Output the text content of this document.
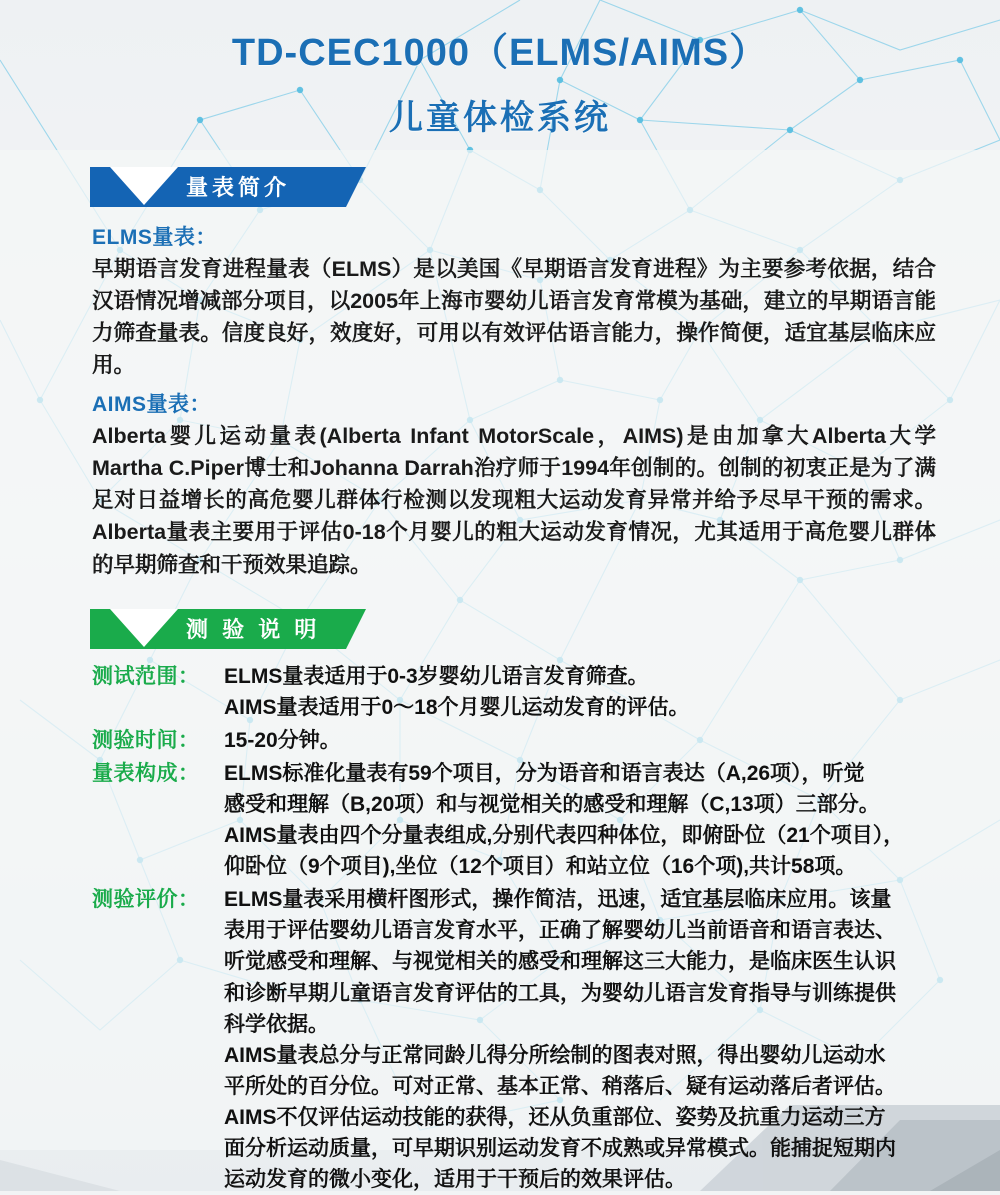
TD-CEC1000（ELMS/AIMS）
儿童体检系统
量表简介
ELMS量表：

早期语言发育进程量表（ELMS）是以美国《早期语言发育进程》为主要参考依据，结合汉语情况增减部分项目，以2005年上海市婴幼儿语言发育常模为基础，建立的早期语言能力筛查量表。信度良好，效度好，可用以有效评估语言能力，操作简便，适宜基层临床应用。

AIMS量表：

Alberta婴儿运动量表(Alberta Infant MotorScale，AIMS)是由加拿大Alberta大学Martha C.Piper博士和Johanna Darrah治疗师于1994年创制的。创制的初衷正是为了满足对日益增长的高危婴儿群体行检测以发现粗大运动发育异常并给予尽早干预的需求。Alberta量表主要用于评估0-18个月婴儿的粗大运动发育情况，尤其适用于高危婴儿群体的早期筛查和干预效果追踪。

测 验 说 明
测试范围：	ELMS量表适用于0-3岁婴幼儿语言发育筛查。
AIMS量表适用于0～18个月婴儿运动发育的评估。
测验时间：	15-20分钟。
量表构成：	ELMS标准化量表有59个项目，分为语音和语言表达（A,26项），听觉
感受和理解（B,20项）和与视觉相关的感受和理解（C,13项）三部分。
AIMS量表由四个分量表组成,分别代表四种体位，即俯卧位（21个项目），
仰卧位（9个项目),坐位（12个项目）和站立位（16个项),共计58项。
测验评价：	ELMS量表采用横杆图形式，操作简洁，迅速，适宜基层临床应用。该量
表用于评估婴幼儿语言发育水平，正确了解婴幼儿当前语音和语言表达、
听觉感受和理解、与视觉相关的感受和理解这三大能力，是临床医生认识
和诊断早期儿童语言发育评估的工具，为婴幼儿语言发育指导与训练提供
科学依据。
AIMS量表总分与正常同龄儿得分所绘制的图表对照，得出婴幼儿运动水
平所处的百分位。可对正常、基本正常、稍落后、疑有运动落后者评估。
AIMS不仅评估运动技能的获得，还从负重部位、姿势及抗重力运动三方
面分析运动质量，可早期识别运动发育不成熟或异常模式。能捕捉短期内
运动发育的微小变化，适用于干预后的效果评估。
